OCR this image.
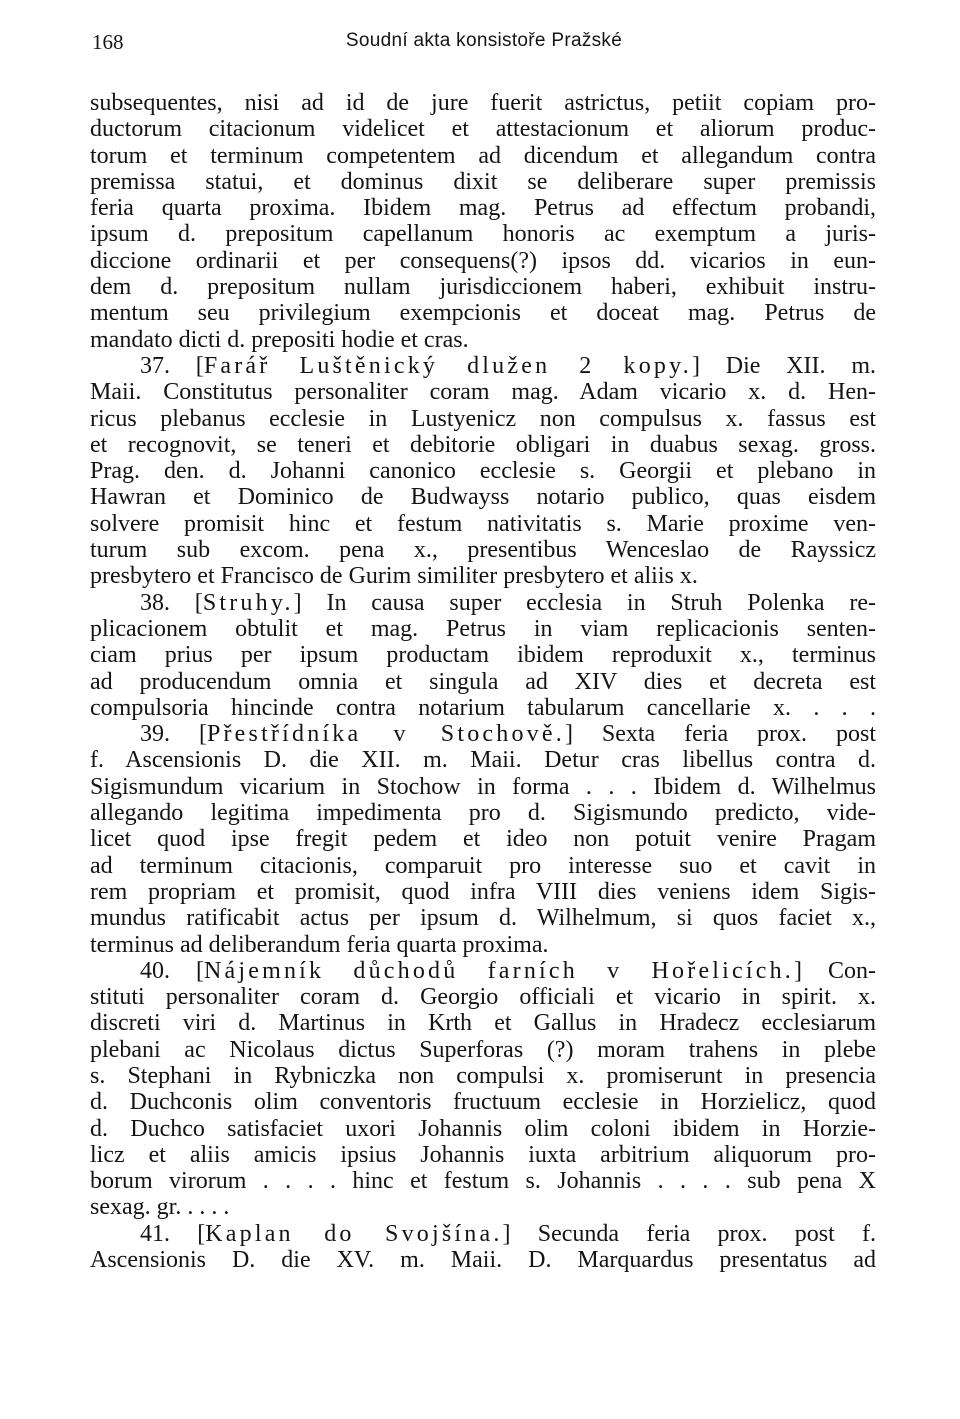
168	Soudní akta konsistoře Pražské
subsequentes, nisi ad id de jure fuerit astrictus, petiit copiam pro-
ductorum citacionum videlicet et attestacionum et aliorum produc-
torum et terminum competentem ad dicendum et allegandum contra
premissa statui, et dominus dixit se deliberare super premissis
feria quarta proxima. Ibidem mag. Petrus ad effectum probandi,
ipsum d. prepositum capellanum honoris ac exemptum a juris-
diccione ordinarii et per consequens(?) ipsos dd. vicarios in eun-
dem d. prepositum nullam jurisdiccionem haberi, exhibuit instru-
mentum seu privilegium exempcionis et doceat mag. Petrus de
mandato dicti d. prepositi hodie et cras.
37. [Farář Luštěnický dlužen 2 kopy.] Die XII. m.
Maii. Constitutus personaliter coram mag. Adam vicario x. d. Hen-
ricus plebanus ecclesie in Lustyenicz non compulsus x. fassus est
et recognovit, se teneri et debitorie obligari in duabus sexag. gross.
Prag. den. d. Johanni canonico ecclesie s. Georgii et plebano in
Hawran et Dominico de Budwayss notario publico, quas eisdem
solvere promisit hinc et festum nativitatis s. Marie proxime ven-
turum sub excom. pena x., presentibus Wenceslao de Rayssicz
presbytero et Francisco de Gurim similiter presbytero et aliis x.
38. [Struhy.] In causa super ecclesia in Struh Polenka re-
plicacionem obtulit et mag. Petrus in viam replicacionis senten-
ciam prius per ipsum productam ibidem reproduxit x., terminus
ad producendum omnia et singula ad XIV dies et decreta est
compulsoria hincinde contra notarium tabularum cancellarie x. . . .
39. [Přestřídníka v Stochově.] Sexta feria prox. post
f. Ascensionis D. die XII. m. Maii. Detur cras libellus contra d.
Sigismundum vicarium in Stochow in forma . . . Ibidem d. Wilhelmus
allegando legitima impedimenta pro d. Sigismundo predicto, vide-
licet quod ipse fregit pedem et ideo non potuit venire Pragam
ad terminum citacionis, comparuit pro interesse suo et cavit in
rem propriam et promisit, quod infra VIII dies veniens idem Sigis-
mundus ratificabit actus per ipsum d. Wilhelmum, si quos faciet x.,
terminus ad deliberandum feria quarta proxima.
40. [Nájemník důchodů farních v Hořelicích.] Con-
stituti personaliter coram d. Georgio officiali et vicario in spirit. x.
discreti viri d. Martinus in Krth et Gallus in Hradecz ecclesiarum
plebani ac Nicolaus dictus Superforas (?) moram trahens in plebe
s. Stephani in Rybniczka non compulsi x. promiserunt in presencia
d. Duchconis olim conventoris fructuum ecclesie in Horzielicz, quod
d. Duchco satisfaciet uxori Johannis olim coloni ibidem in Horzie-
licz et aliis amicis ipsius Johannis iuxta arbitrium aliquorum pro-
borum virorum . . . . hinc et festum s. Johannis . . . . sub pena X
sexag. gr. . . . .
41. [Kaplan do Svojšína.] Secunda feria prox. post f.
Ascensionis D. die XV. m. Maii. D. Marquardus presentatus ad
